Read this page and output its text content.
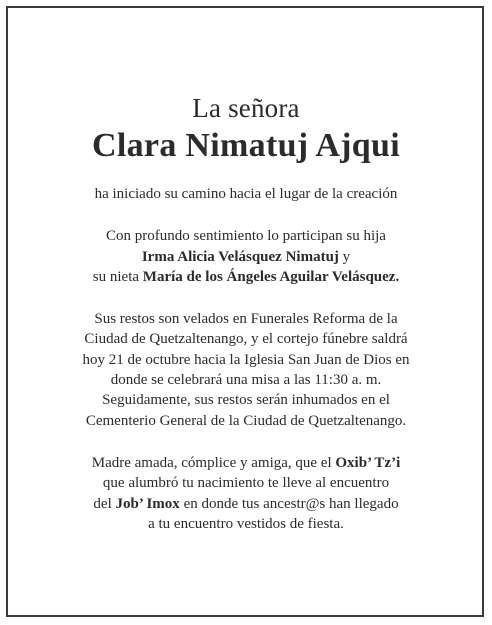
La señora

Clara Nimatuj Ajqui

ha iniciado su camino hacia el lugar de la creación

Con profundo sentimiento lo participan su hija

Irma Alicia Velásquez Nimatuj y

su nieta María de los Ángeles Aguilar Velásquez.

Sus restos son velados en Funerales Reforma de la

Ciudad de Quetzaltenango, y el cortejo fúnebre saldrá

hoy 21 de octubre hacia la Iglesia San Juan de Dios en

donde se celebrará una misa a las 11:30 a. m.

Seguidamente, sus restos serán inhumados en el

Cementerio General de la Ciudad de Quetzaltenango.

Madre amada, cómplice y amiga, que el Oxib’ Tz’i

que alumbró tu nacimiento te lleve al encuentro

del Job’ Imox en donde tus ancestr@s han llegado

a tu encuentro vestidos de fiesta.
